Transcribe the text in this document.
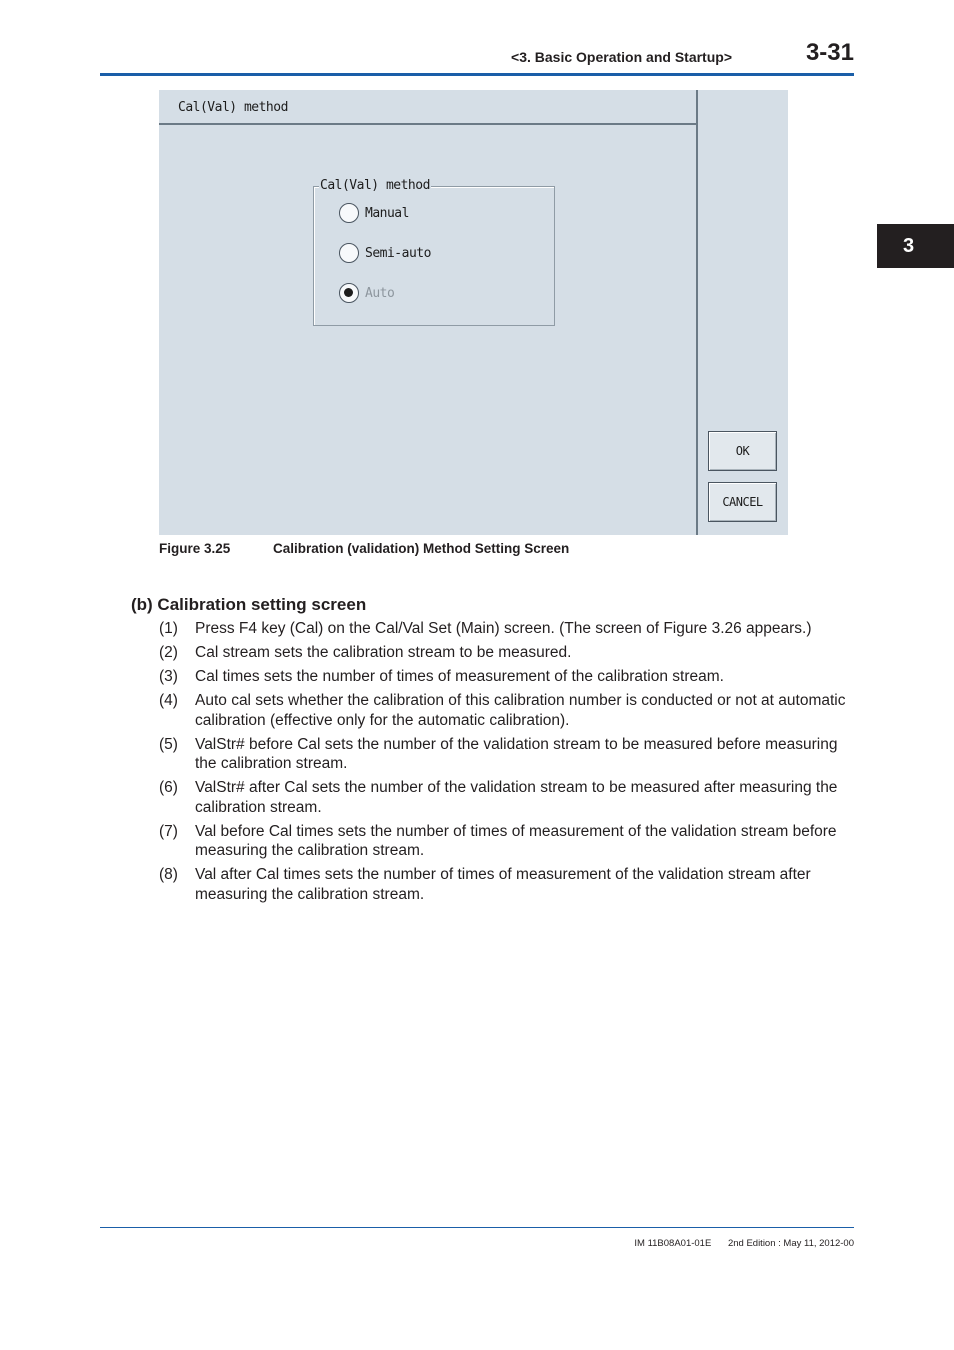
<3. Basic Operation and Startup>	3-31
3
Cal(Val) method
Cal(Val) method
Manual
Semi-auto
Auto
OK
CANCEL
Figure 3.25	Calibration (validation) Method Setting Screen
(b) Calibration setting screen
(1)	Press F4 key (Cal) on the Cal/Val Set (Main) screen. (The screen of Figure 3.26 appears.)
(2)	Cal stream sets the calibration stream to be measured.
(3)	Cal times sets the number of times of measurement of the calibration stream.
(4)	Auto cal sets whether the calibration of this calibration number is conducted or not at automatic calibration (effective only for the automatic calibration).
(5)	ValStr# before Cal sets the number of the validation stream to be measured before measuring the calibration stream.
(6)	ValStr# after Cal sets the number of the validation stream to be measured after measuring the calibration stream.
(7)	Val before Cal times sets the number of times of measurement of the validation stream before measuring the calibration stream.
(8)	Val after Cal times sets the number of times of measurement of the validation stream after measuring the calibration stream.
IM 11B08A01-01E 2nd Edition : May 11, 2012-00
